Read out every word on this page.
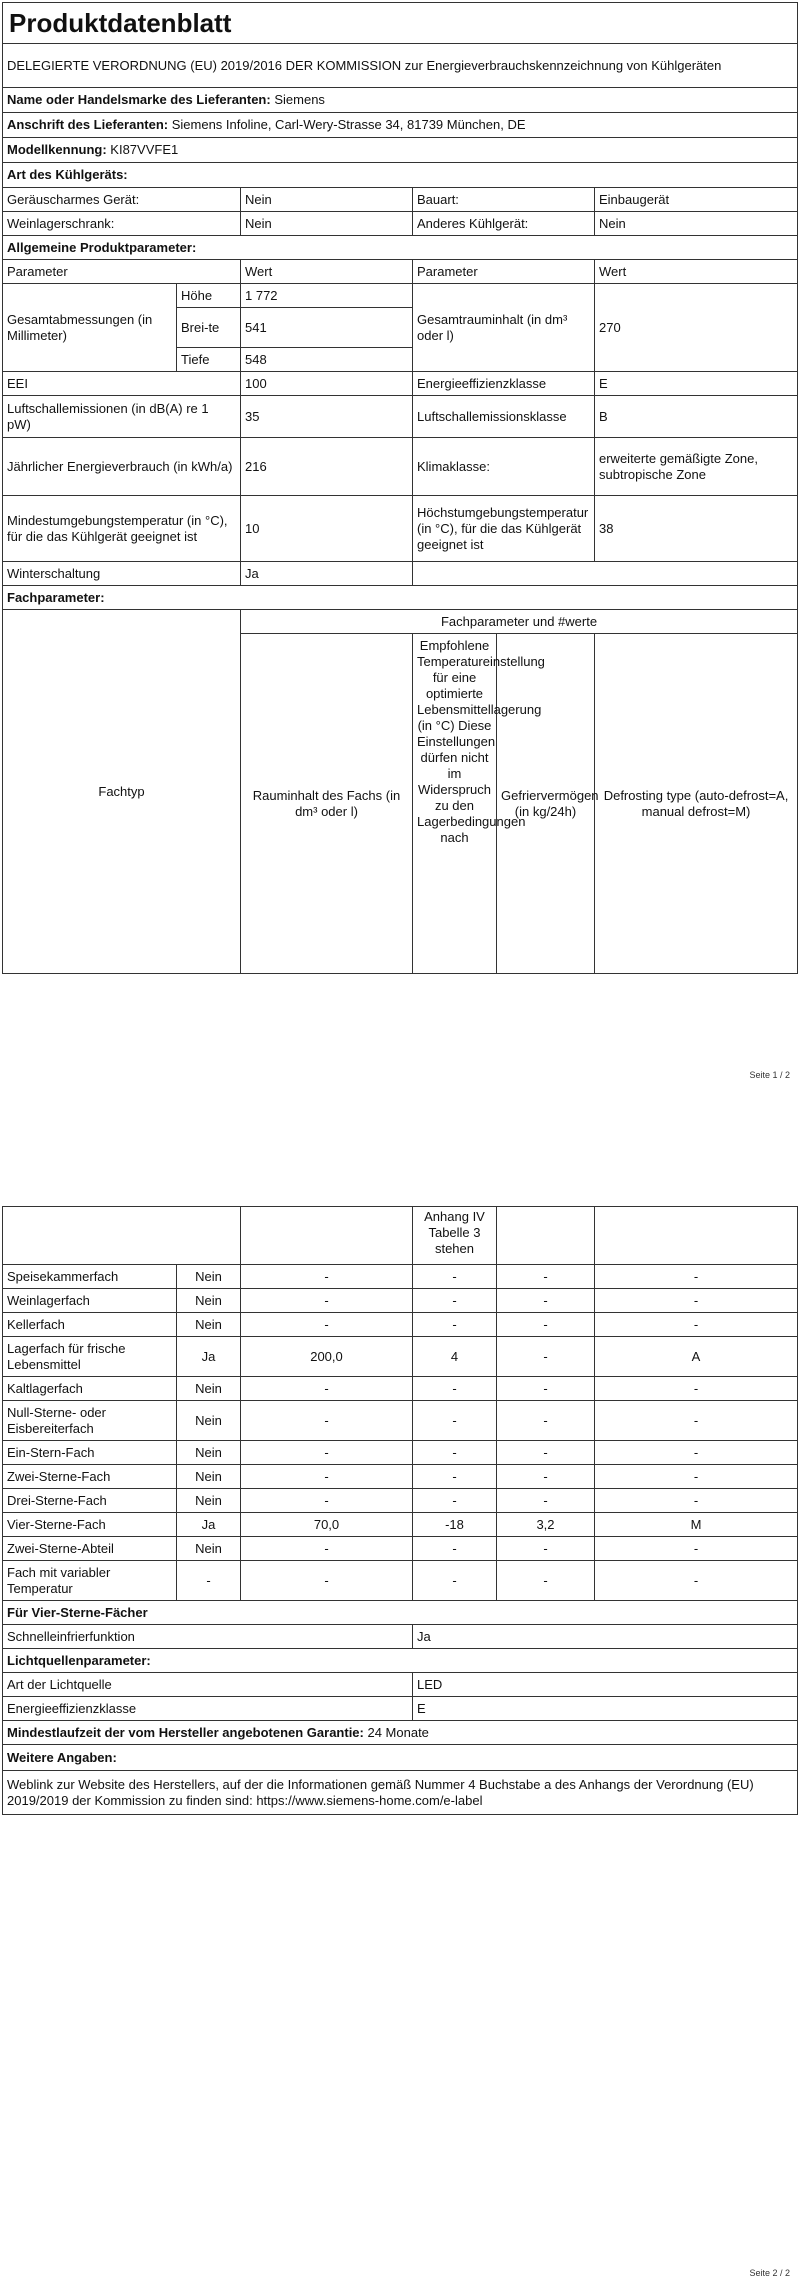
Produktdatenblatt					
DELEGIERTE VERORDNUNG (EU) 2019/2016 DER KOMMISSION zur Energieverbrauchskennzeichnung von Kühlgeräten					
Name oder Handelsmarke des Lieferanten: Siemens					
Anschrift des Lieferanten: Siemens Infoline, Carl-Wery-Strasse 34, 81739 München, DE					
Modellkennung: KI87VVFE1					
Art des Kühlgeräts:					
Geräuscharmes Gerät:		Nein	Bauart:		Einbaugerät
Weinlagerschrank:		Nein	Anderes Kühlgerät:		Nein
Allgemeine Produktparameter:					
Parameter		Wert	Parameter		Wert
Gesamtabmessungen (in Millimeter)	Höhe	1 772	Gesamtrauminhalt (in dm³ oder l)		270
	Brei-te	541			
	Tiefe	548			
EEI		100	Energieeffizienzklasse		E
Luftschallemissionen (in dB(A) re 1 pW)		35	Luftschallemissionsklasse		B
Jährlicher Energieverbrauch (in kWh/a)		216	Klimaklasse:		erweiterte gemäßigte Zone, subtropische Zone
Mindestumgebungstemperatur (in °C), für die das Kühlgerät geeignet ist		10	Höchstumgebungstemperatur (in °C), für die das Kühlgerät geeignet ist		38
Winterschaltung		Ja			
Fachparameter:					
Fachtyp		Fachparameter und #werte			
		Rauminhalt des Fachs (in dm³ oder l)	Empfohlene Temperatureinstellung für eine optimierte Lebensmittellagerung (in °C) Diese Einstellungen dürfen nicht im Widerspruch zu den Lagerbedingungen nach	Gefriervermögen (in kg/24h)	Defrosting type (auto-defrost=A, manual defrost=M)
Seite 1 / 2
			Anhang IV Tabelle 3 stehen		
Speisekammerfach	Nein	-	-	-	-
Weinlagerfach	Nein	-	-	-	-
Kellerfach	Nein	-	-	-	-
Lagerfach für frische Lebensmittel	Ja	200,0	4	-	A
Kaltlagerfach	Nein	-	-	-	-
Null-Sterne- oder Eisbereiterfach	Nein	-	-	-	-
Ein-Stern-Fach	Nein	-	-	-	-
Zwei-Sterne-Fach	Nein	-	-	-	-
Drei-Sterne-Fach	Nein	-	-	-	-
Vier-Sterne-Fach	Ja	70,0	-18	3,2	M
Zwei-Sterne-Abteil	Nein	-	-	-	-
Fach mit variabler Temperatur	-	-	-	-	-
Für Vier-Sterne-Fächer					
Schnelleinfrierfunktion			Ja		
Lichtquellenparameter:					
Art der Lichtquelle			LED		
Energieeffizienzklasse			E		
Mindestlaufzeit der vom Hersteller angebotenen Garantie: 24 Monate					
Weitere Angaben:					
Weblink zur Website des Herstellers, auf der die Informationen gemäß Nummer 4 Buchstabe a des Anhangs der Verordnung (EU) 2019/2019 der Kommission zu finden sind: https://www.siemens-home.com/e-label					
Seite 2 / 2
